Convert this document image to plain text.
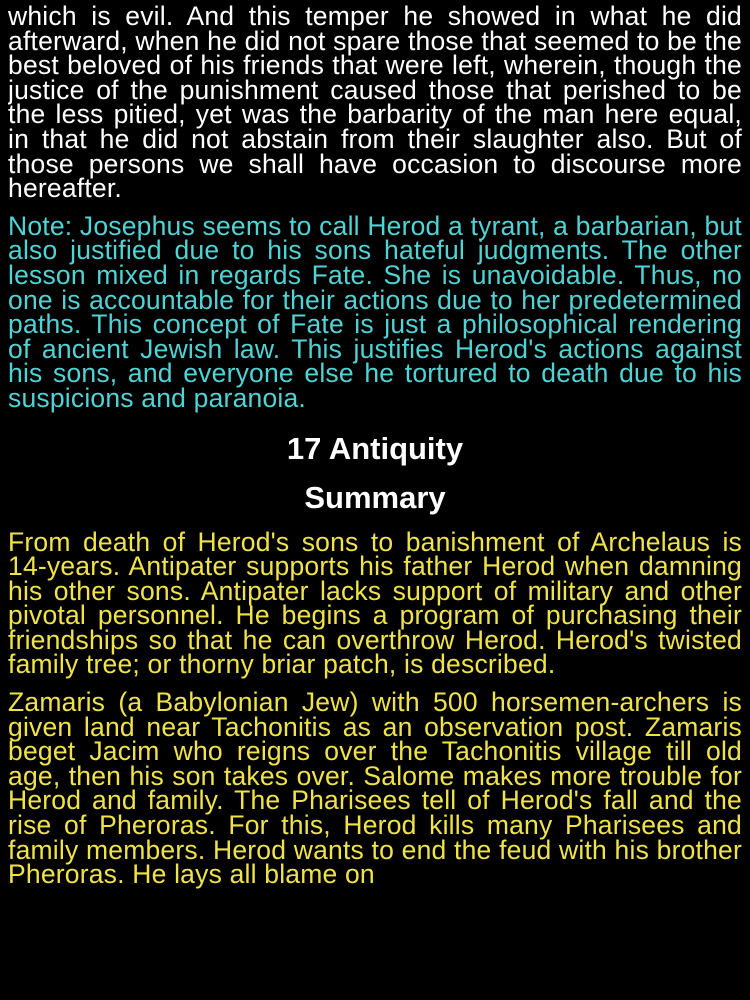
which is evil. And this temper he showed in what he did afterward, when he did not spare those that seemed to be the best beloved of his friends that were left, wherein, though the justice of the punishment caused those that perished to be the less pitied, yet was the barbarity of the man here equal, in that he did not abstain from their slaughter also. But of those persons we shall have occasion to discourse more hereafter.

Note: Josephus seems to call Herod a tyrant, a barbarian, but also justified due to his sons hateful judgments. The other lesson mixed in regards Fate. She is unavoidable. Thus, no one is accountable for their actions due to her predetermined paths. This concept of Fate is just a philosophical rendering of ancient Jewish law. This justifies Herod's actions against his sons, and everyone else he tortured to death due to his suspicions and paranoia.

17 Antiquity

Summary

From death of Herod's sons to banishment of Archelaus is 14-years. Antipater supports his father Herod when damning his other sons. Antipater lacks support of military and other pivotal personnel. He begins a program of purchasing their friendships so that he can overthrow Herod. Herod's twisted family tree; or thorny briar patch, is described.

Zamaris (a Babylonian Jew) with 500 horsemen-archers is given land near Tachonitis as an observation post. Zamaris beget Jacim who reigns over the Tachonitis village till old age, then his son takes over. Salome makes more trouble for Herod and family. The Pharisees tell of Herod's fall and the rise of Pheroras. For this, Herod kills many Pharisees and family members. Herod wants to end the feud with his brother Pheroras. He lays all blame on
